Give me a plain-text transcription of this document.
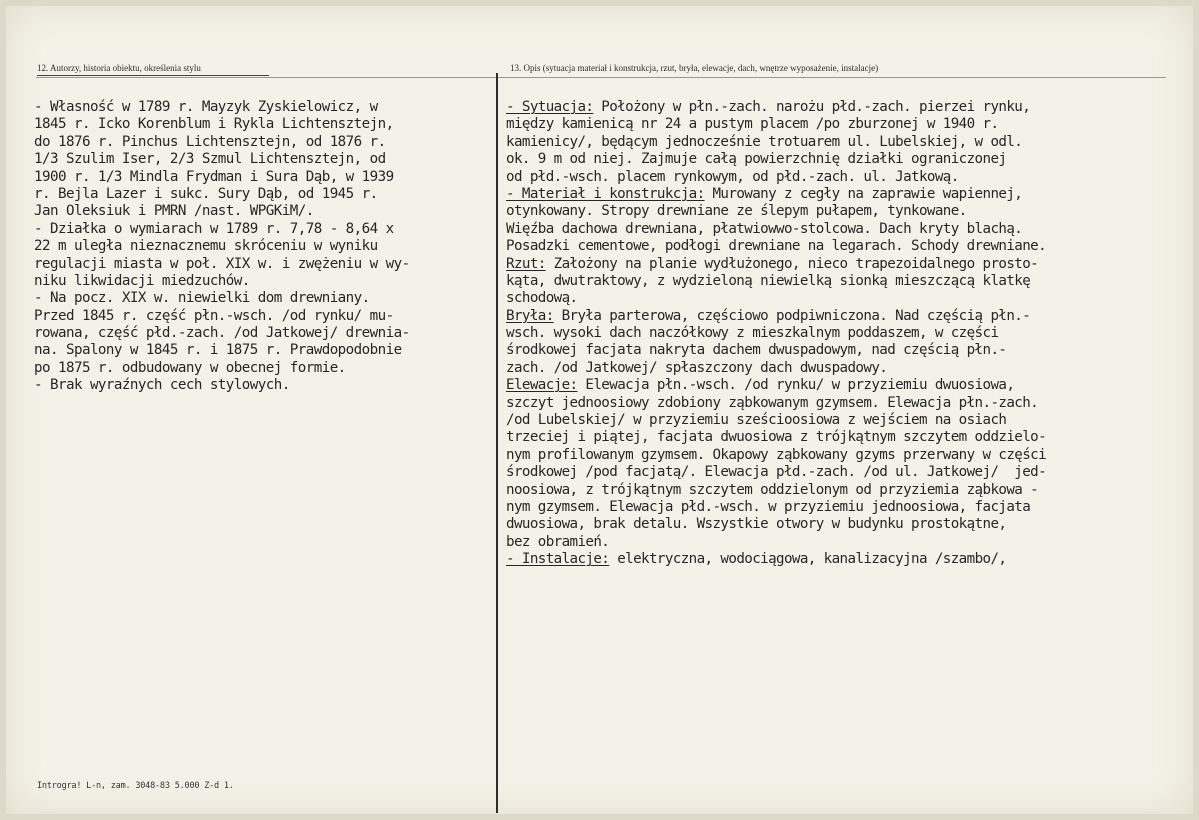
12. Autorzy, historia obiektu, określenia stylu	13. Opis (sytuacja materiał i konstrukcja, rzut, bryła, elewacje, dach, wnętrze wyposażenie, instalacje)
- Własność w 1789 r. Mayzyk Zyskielowicz, w
1845 r. Icko Korenblum i Rykla Lichtensztejn,
do 1876 r. Pinchus Lichtensztejn, od 1876 r.
1/3 Szulim Iser, 2/3 Szmul Lichtensztejn, od
1900 r. 1/3 Mindla Frydman i Sura Dąb, w 1939
r. Bejla Lazer i sukc. Sury Dąb, od 1945 r.
Jan Oleksiuk i PMRN /nast. WPGKiM/.
- Działka o wymiarach w 1789 r. 7,78 - 8,64 x
22 m uległa nieznacznemu skróceniu w wyniku
regulacji miasta w poł. XIX w. i zwężeniu w wy-
niku likwidacji miedzuchów.
- Na pocz. XIX w. niewielki dom drewniany.
Przed 1845 r. część płn.-wsch. /od rynku/ mu-
rowana, część płd.-zach. /od Jatkowej/ drewnia-
na. Spalony w 1845 r. i 1875 r. Prawdopodobnie
po 1875 r. odbudowany w obecnej formie.
- Brak wyraźnych cech stylowych.
- Sytuacja: Położony w płn.-zach. narożu płd.-zach. pierzei rynku,
między kamienicą nr 24 a pustym placem /po zburzonej w 1940 r.
kamienicy/, będącym jednocześnie trotuarem ul. Lubelskiej, w odl.
ok. 9 m od niej. Zajmuje całą powierzchnię działki ograniczonej
od płd.-wsch. placem rynkowym, od płd.-zach. ul. Jatkową.
- Materiał i konstrukcja: Murowany z cegły na zaprawie wapiennej,
otynkowany. Stropy drewniane ze ślepym pułapem, tynkowane.
Więźba dachowa drewniana, płatwiowwo-stolcowa. Dach kryty blachą.
Posadzki cementowe, podłogi drewniane na legarach. Schody drewniane.
Rzut: Założony na planie wydłużonego, nieco trapezoidalnego prosto-
kąta, dwutraktowy, z wydzieloną niewielką sionką mieszczącą klatkę
schodową.
Bryła: Bryła parterowa, częściowo podpiwniczona. Nad częścią płn.-
wsch. wysoki dach naczółkowy z mieszkalnym poddaszem, w części
środkowej facjata nakryta dachem dwuspadowym, nad częścią płn.-
zach. /od Jatkowej/ spłaszczony dach dwuspadowy.
Elewacje: Elewacja płn.-wsch. /od rynku/ w przyziemiu dwuosiowa,
szczyt jednoosiowy zdobiony ząbkowanym gzymsem. Elewacja płn.-zach.
/od Lubelskiej/ w przyziemiu sześcioosiowa z wejściem na osiach
trzeciej i piątej, facjata dwuosiowa z trójkątnym szczytem oddzielo-
nym profilowanym gzymsem. Okapowy ząbkowany gzyms przerwany w części
środkowej /pod facjatą/. Elewacja płd.-zach. /od ul. Jatkowej/  jed-
noosiowa, z trójkątnym szczytem oddzielonym od przyziemia ząbkowa -
nym gzymsem. Elewacja płd.-wsch. w przyziemiu jednoosiowa, facjata
dwuosiowa, brak detalu. Wszystkie otwory w budynku prostokątne,
bez obramień.
- Instalacje: elektryczna, wodociągowa, kanalizacyjna /szambo/,
Introgra! L-n, zam. 3048-83 5.000 Z-d 1.
